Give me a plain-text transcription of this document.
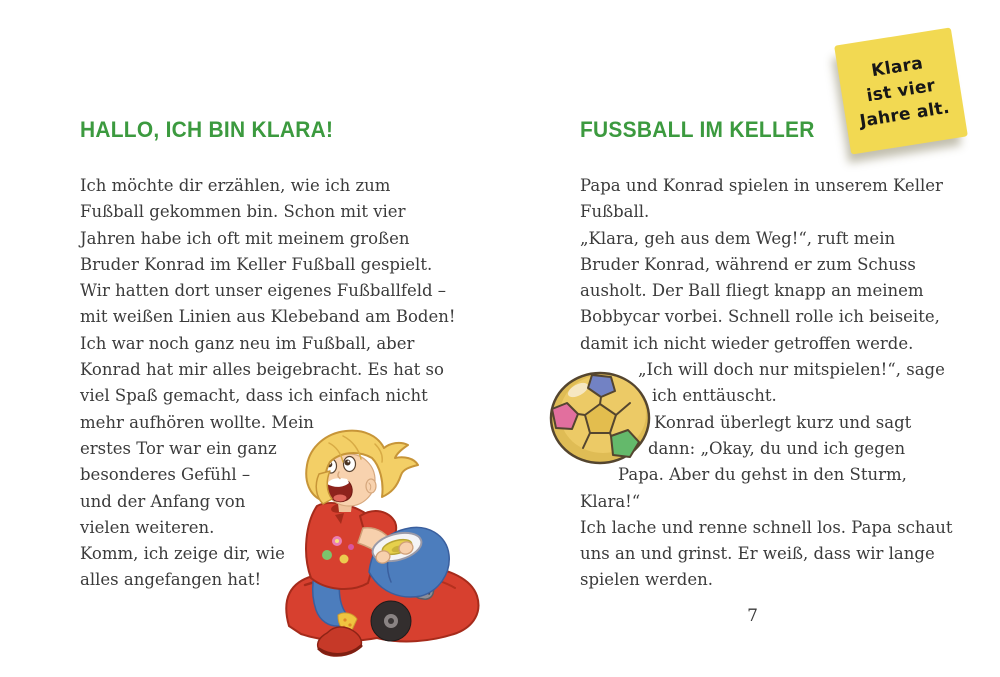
HALLO, ICH BIN KLARA!
Ich möchte dir erzählen, wie ich zum
Fußball gekommen bin. Schon mit vier
Jahren habe ich oft mit meinem großen
Bruder Konrad im Keller Fußball gespielt.
Wir hatten dort unser eigenes Fußballfeld –
mit weißen Linien aus Klebeband am Boden!
Ich war noch ganz neu im Fußball, aber
Konrad hat mir alles beigebracht. Es hat so
viel Spaß gemacht, dass ich einfach nicht
mehr aufhören wollte. Mein
erstes Tor war ein ganz
besonderes Gefühl –
und der Anfang von
vielen weiteren.
Komm, ich zeige dir, wie
alles angefangen hat!
FUSSBALL IM KELLER
Papa und Konrad spielen in unserem Keller
Fußball.
„Klara, geh aus dem Weg!“, ruft mein
Bruder Konrad, während er zum Schuss
ausholt. Der Ball fliegt knapp an meinem
Bobbycar vorbei. Schnell rolle ich beiseite,
damit ich nicht wieder getroffen werde.
„Ich will doch nur mitspielen!“, sage
ich enttäuscht.
Konrad überlegt kurz und sagt
dann: „Okay, du und ich gegen
Papa. Aber du gehst in den Sturm,
Klara!“
Ich lache und renne schnell los. Papa schaut
uns an und grinst. Er weiß, dass wir lange
spielen werden.
7
Klara
ist vier
Jahre alt.
